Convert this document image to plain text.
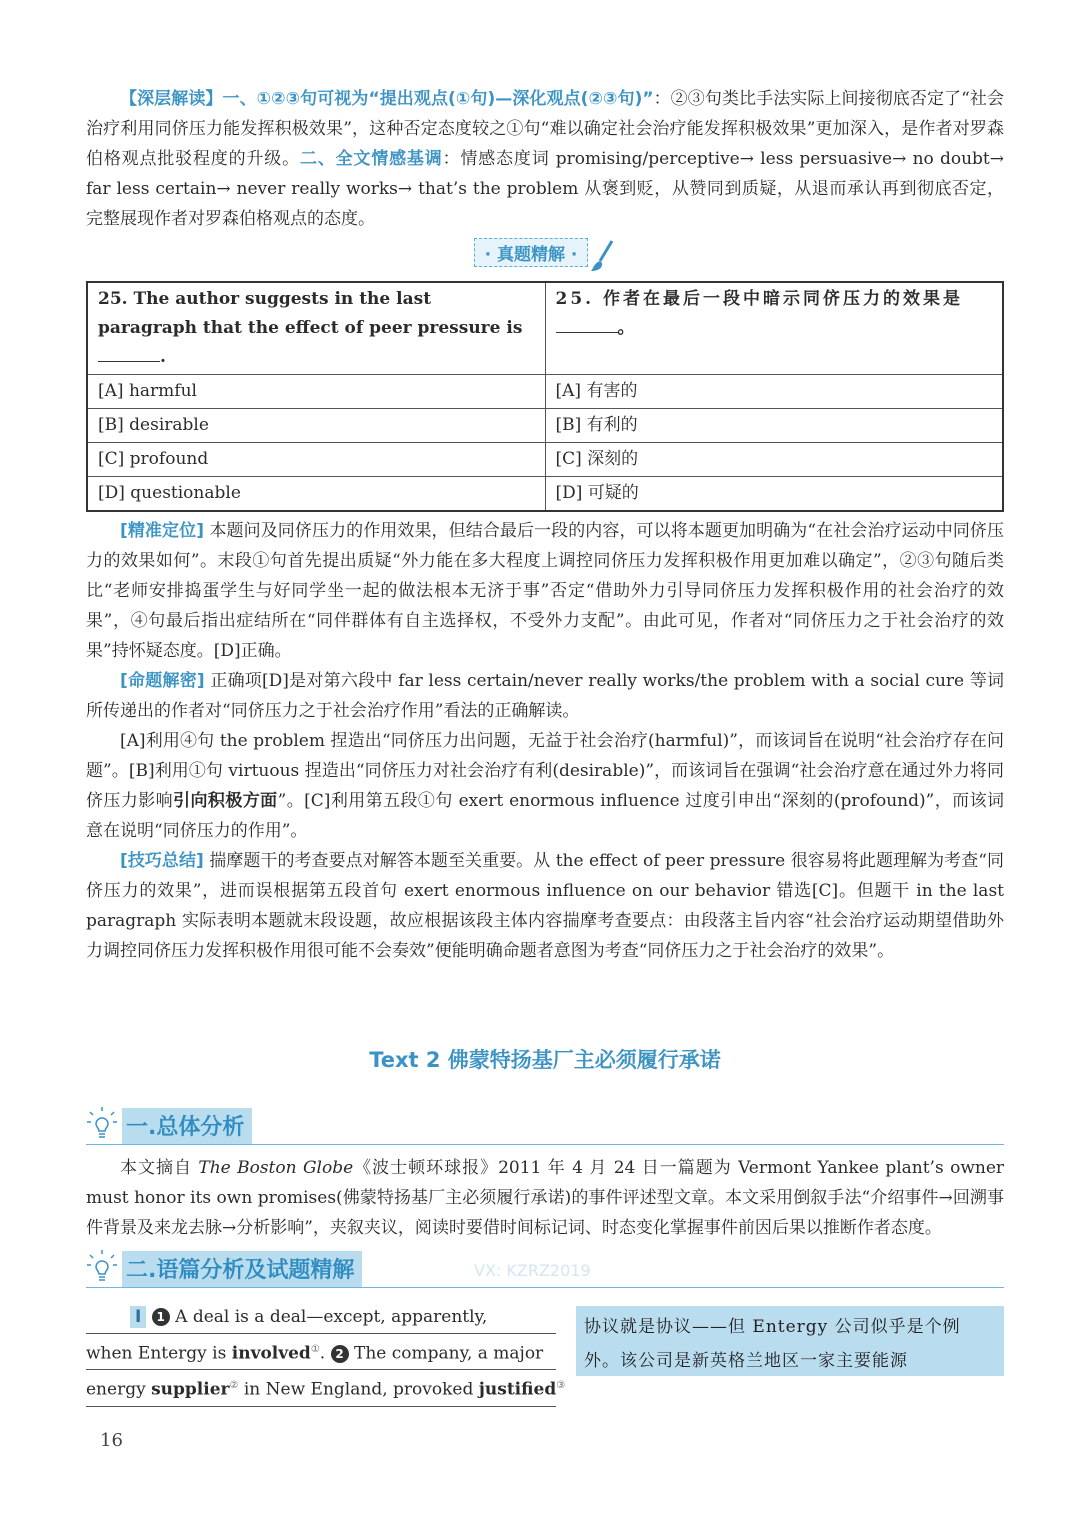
【深层解读】一、①②③句可视为“提出观点(①句)—深化观点(②③句)”：②③句类比手法实际上间接彻底否定了“社会治疗利用同侪压力能发挥积极效果”，这种否定态度较之①句“难以确定社会治疗能发挥积极效果”更加深入，是作者对罗森伯格观点批驳程度的升级。二、全文情感基调：情感态度词 promising/perceptive→ less persuasive→ no doubt→ far less certain→ never really works→ that’s the problem 从褒到贬，从赞同到质疑，从退而承认再到彻底否定，完整展现作者对罗森伯格观点的态度。

· 真题精解 ·
25. The author suggests in the last paragraph that the effect of peer pressure is .	25. 作者在最后一段中暗示同侪压力的效果是。
[A] harmful	[A] 有害的
[B] desirable	[B] 有利的
[C] profound	[C] 深刻的
[D] questionable	[D] 可疑的

[精准定位] 本题问及同侪压力的作用效果，但结合最后一段的内容，可以将本题更加明确为“在社会治疗运动中同侪压力的效果如何”。末段①句首先提出质疑“外力能在多大程度上调控同侪压力发挥积极作用更加难以确定”，②③句随后类比“老师安排捣蛋学生与好同学坐一起的做法根本无济于事”否定“借助外力引导同侪压力发挥积极作用的社会治疗的效果”，④句最后指出症结所在“同伴群体有自主选择权，不受外力支配”。由此可见，作者对“同侪压力之于社会治疗的效果”持怀疑态度。[D]正确。

[命题解密] 正确项[D]是对第六段中 far less certain/never really works/the problem with a social cure 等词所传递出的作者对“同侪压力之于社会治疗作用”看法的正确解读。

[A]利用④句 the problem 捏造出“同侪压力出问题，无益于社会治疗(harmful)”，而该词旨在说明“社会治疗存在问题”。[B]利用①句 virtuous 捏造出“同侪压力对社会治疗有利(desirable)”，而该词旨在强调“社会治疗意在通过外力将同侪压力影响引向积极方面”。[C]利用第五段①句 exert enormous influence 过度引申出“深刻的(profound)”，而该词意在说明“同侪压力的作用”。

[技巧总结] 揣摩题干的考查要点对解答本题至关重要。从 the effect of peer pressure 很容易将此题理解为考查“同侪压力的效果”，进而误根据第五段首句 exert enormous influence on our behavior 错选[C]。但题干 in the last paragraph 实际表明本题就末段设题，故应根据该段主体内容揣摩考查要点：由段落主旨内容“社会治疗运动期望借助外力调控同侪压力发挥积极作用很可能不会奏效”便能明确命题者意图为考查“同侪压力之于社会治疗的效果”。

Text 2 佛蒙特扬基厂主必须履行承诺
一.总体分析

本文摘自 The Boston Globe《波士顿环球报》2011 年 4 月 24 日一篇题为 Vermont Yankee plant’s owner must honor its own promises(佛蒙特扬基厂主必须履行承诺)的事件评述型文章。本文采用倒叙手法“介绍事件→回溯事件背景及来龙去脉→分析影响”，夹叙夹议，阅读时要借时间标记词、时态变化掌握事件前因后果以推断作者态度。

二.语篇分析及试题精解	VX: KZRZ2019
I 1 A deal is a deal—except, apparently,
when Entergy is involved①. 2 The company, a major
energy supplier② in New England, provoked justified③
协议就是协议——但 Entergy 公司似乎是个例外。该公司是新英格兰地区一家主要能源
16
